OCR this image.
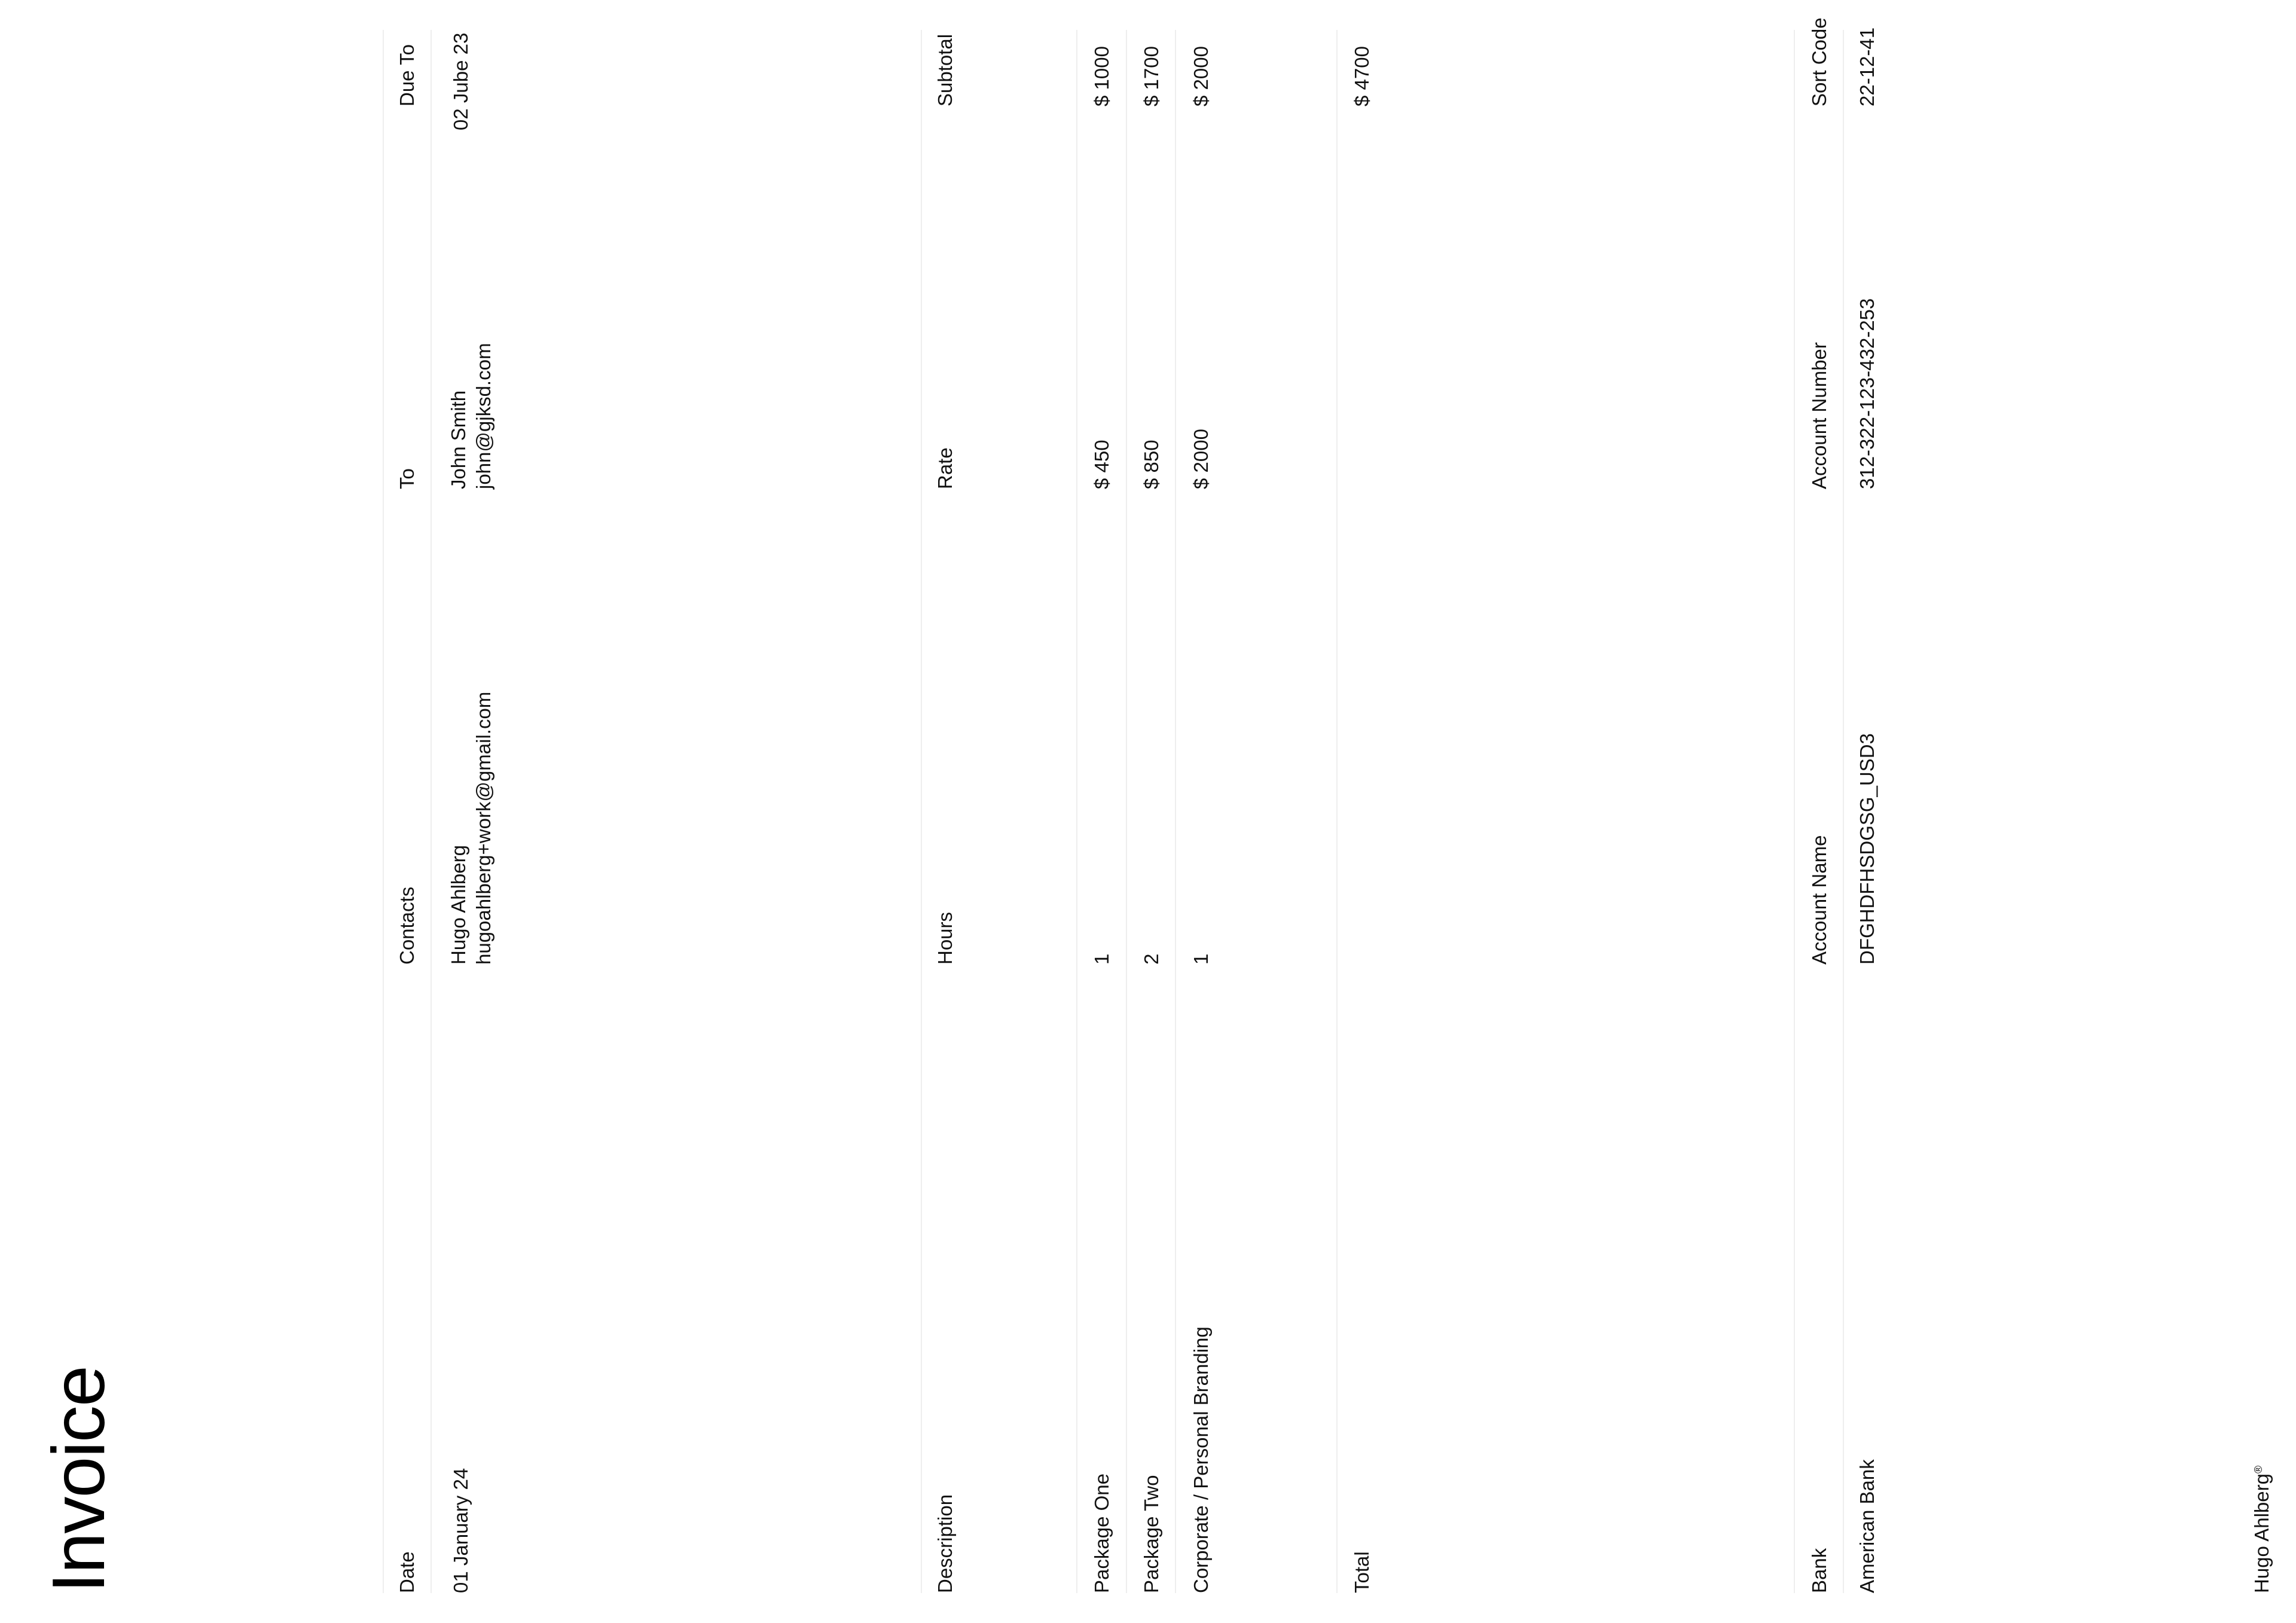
Invoice	Date
Contacts
To
Due To
01 January 24
Hugo Ahlberg hugoahlberg+work@gmail.com
John Smith john@gjksd.com
02 Jube 23
Description
Hours
Rate
Subtotal
Package One
1
$ 450
$ 1000
Package Two
2
$ 850
$ 1700
Corporate / Personal Branding
1
$ 2000
$ 2000
Total
$ 4700
Bank
Account Name
Account Number
Sort Code
American Bank
DFGHDFHSDGSG_USD3
312-322-123-432-253
22-12-41
Hugo Ahlberg®
